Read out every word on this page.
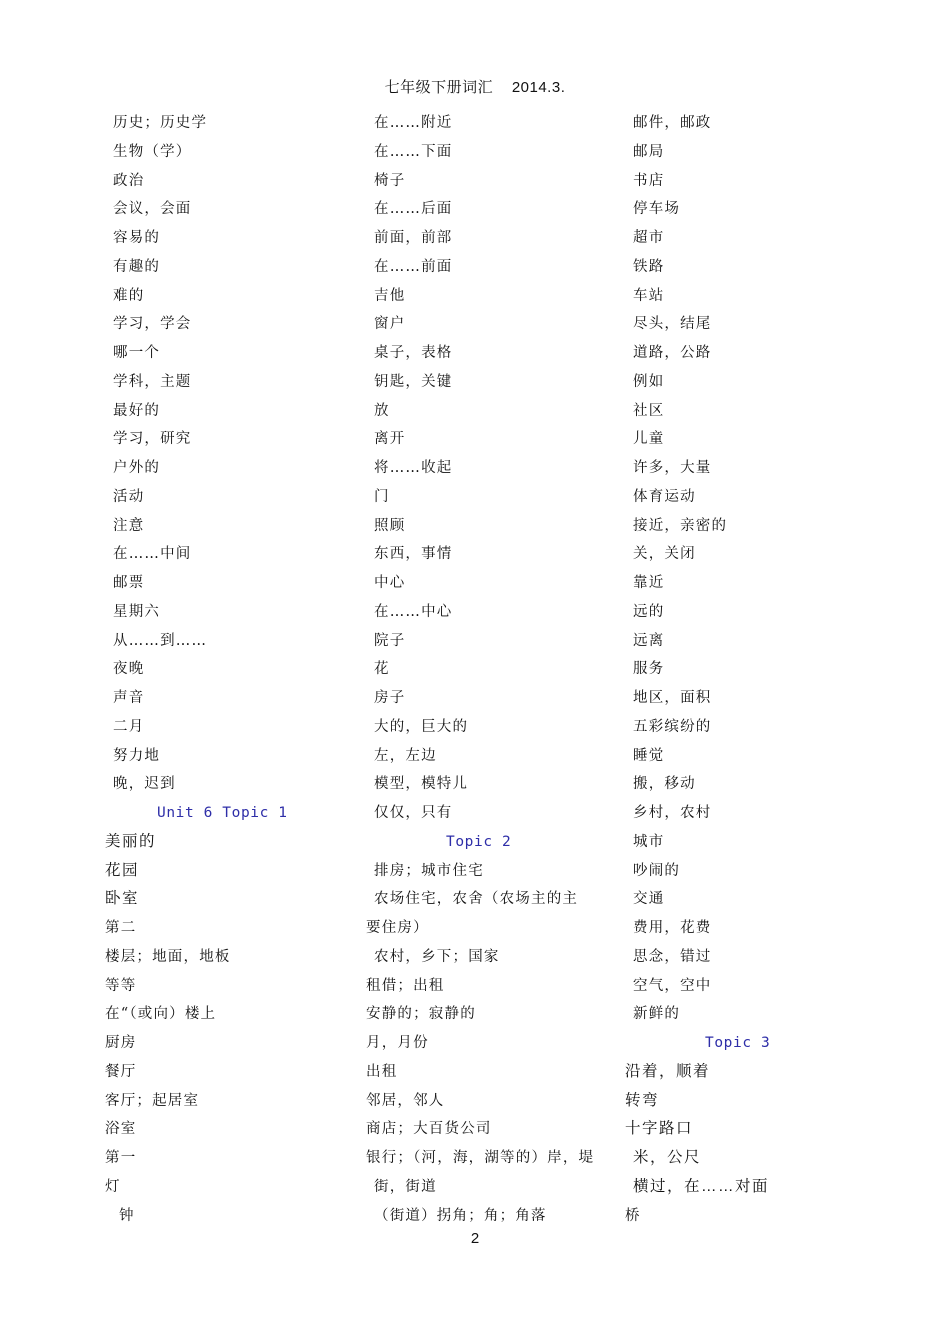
七年级下册词汇 2014.3.
历史；历史学
生物（学）
政治
会议，会面
容易的
有趣的
难的
学习，学会
哪一个
学科，主题
最好的
学习，研究
户外的
活动
注意
在……中间
邮票
星期六
从……到……
夜晚
声音
二月
努力地
晚，迟到
Unit 6 Topic 1
美丽的
花园
卧室
第二
楼层；地面，地板
等等
在“（或向）楼上
厨房
餐厅
客厅；起居室
浴室
第一
灯
钟
在……附近
在……下面
椅子
在……后面
前面，前部
在……前面
吉他
窗户
桌子，表格
钥匙，关键
放
离开
将……收起
门
照顾
东西，事情
中心
在……中心
院子
花
房子
大的，巨大的
左，左边
模型，模特儿
仅仅，只有
Topic 2
排房；城市住宅
农场住宅，农舍（农场主的主
要住房）
农村，乡下；国家
租借；出租
安静的；寂静的
月，月份
出租
邻居，邻人
商店；大百货公司
银行；（河，海，湖等的）岸，堤
街，街道
（街道）拐角；角；角落
邮件，邮政
邮局
书店
停车场
超市
铁路
车站
尽头，结尾
道路，公路
例如
社区
儿童
许多，大量
体育运动
接近，亲密的
关，关闭
靠近
远的
远离
服务
地区，面积
五彩缤纷的
睡觉
搬，移动
乡村，农村
城市
吵闹的
交通
费用，花费
思念，错过
空气，空中
新鲜的
Topic 3
沿着，顺着
转弯
十字路口
米，公尺
横过，在……对面
桥
2
